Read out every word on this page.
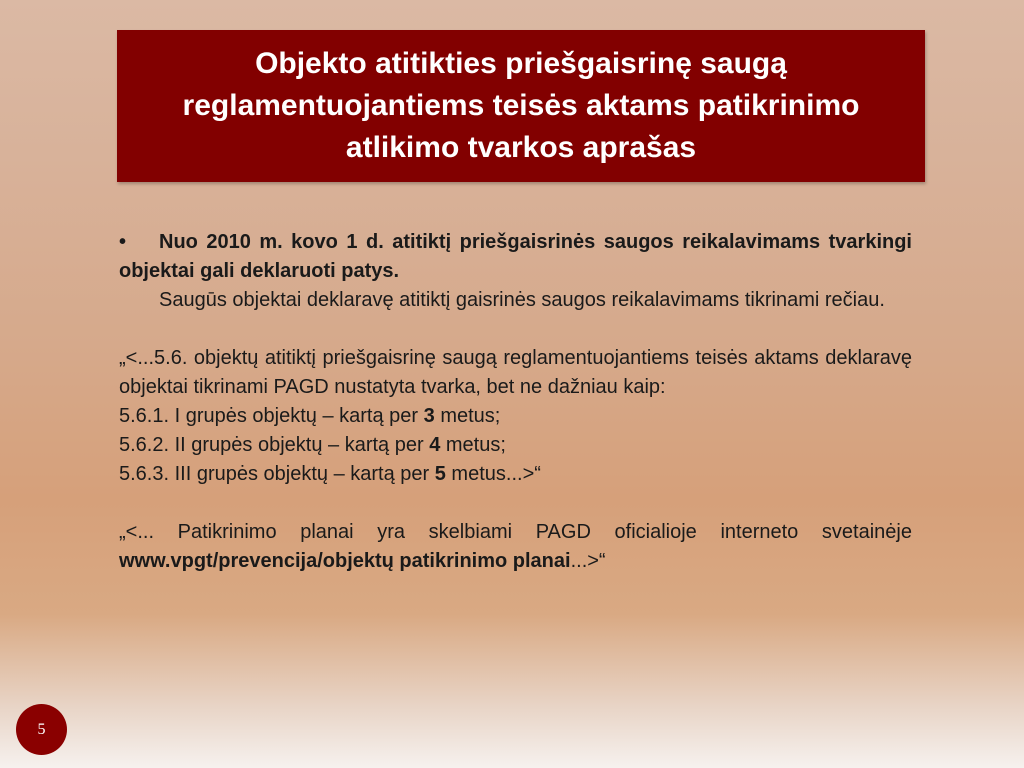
Objekto atitikties priešgaisrinę saugą reglamentuojantiems teisės aktams patikrinimo atlikimo tvarkos aprašas

• Nuo 2010 m. kovo 1 d. atitiktį priešgaisrinės saugos reikalavimams tvarkingi objektai gali deklaruoti patys.

Saugūs objektai deklaravę atitiktį gaisrinės saugos reikalavimams tikrinami rečiau.

„<...5.6. objektų atitiktį priešgaisrinę saugą reglamentuojantiems teisės aktams deklaravę objektai tikrinami PAGD nustatyta tvarka, bet ne dažniau kaip:

5.6.1. I grupės objektų – kartą per 3 metus;

5.6.2. II grupės objektų – kartą per 4 metus;

5.6.3. III grupės objektų – kartą per 5 metus...>“

„<... Patikrinimo planai yra skelbiami PAGD oficialioje interneto svetainėje www.vpgt/prevencija/objektų patikrinimo planai...>“

5
